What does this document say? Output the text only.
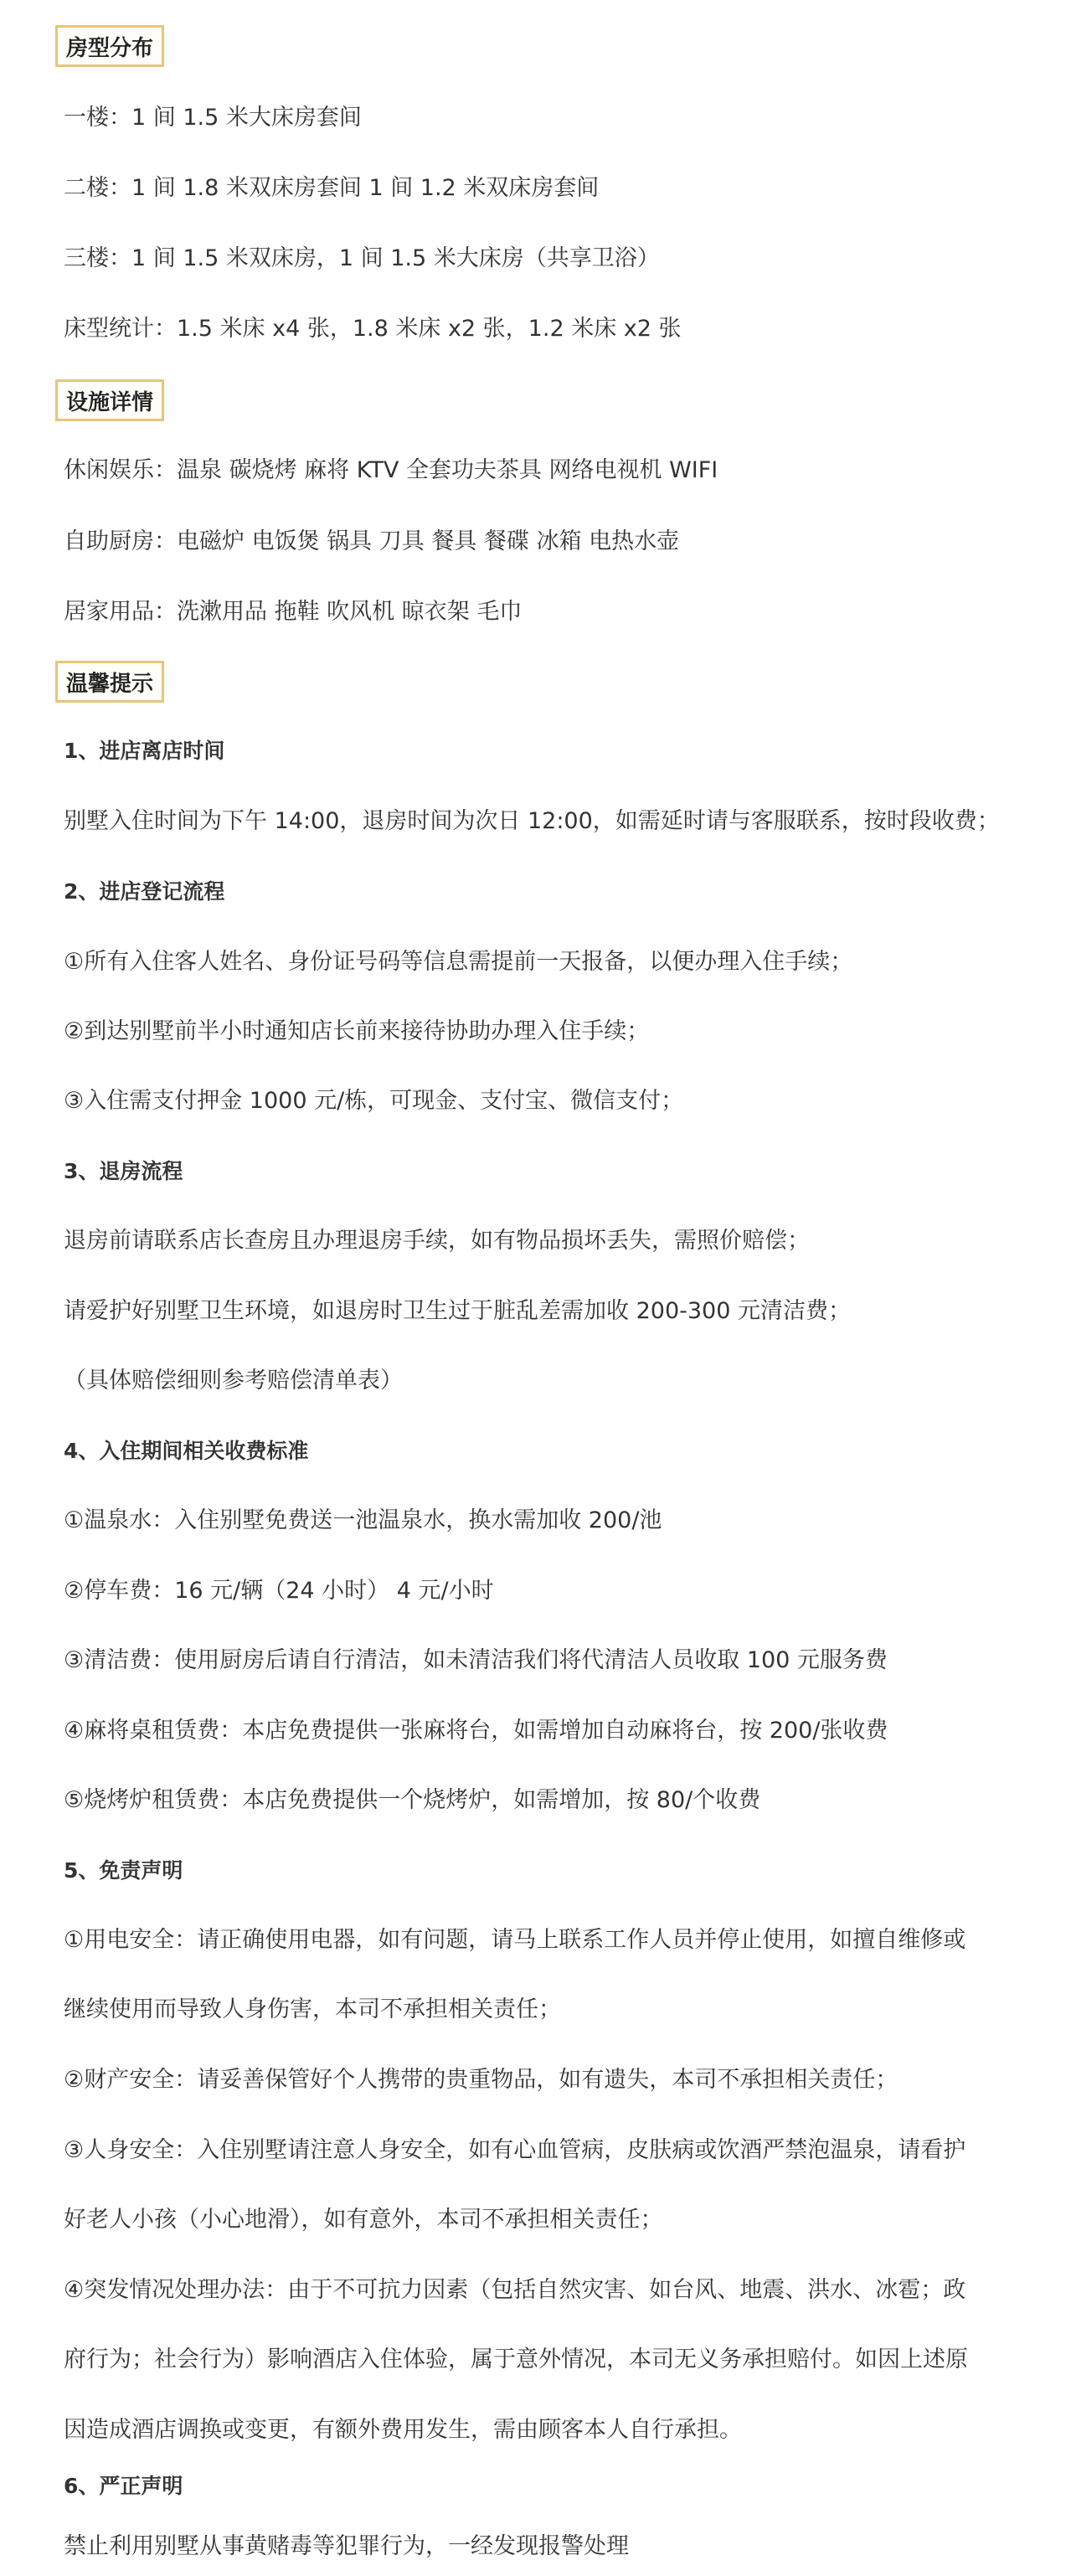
房型分布
一楼：1 间 1.5 米大床房套间
二楼：1 间 1.8 米双床房套间 1 间 1.2 米双床房套间
三楼：1 间 1.5 米双床房，1 间 1.5 米大床房（共享卫浴）
床型统计：1.5 米床 x4 张，1.8 米床 x2 张，1.2 米床 x2 张
设施详情
休闲娱乐：温泉 碳烧烤 麻将 KTV 全套功夫茶具 网络电视机 WIFI
自助厨房：电磁炉 电饭煲 锅具 刀具 餐具 餐碟 冰箱 电热水壶
居家用品：洗漱用品 拖鞋 吹风机 晾衣架 毛巾
温馨提示
1、进店离店时间
别墅入住时间为下午 14:00，退房时间为次日 12:00，如需延时请与客服联系，按时段收费；
2、进店登记流程
①所有入住客人姓名、身份证号码等信息需提前一天报备，以便办理入住手续；
②到达别墅前半小时通知店长前来接待协助办理入住手续；
③入住需支付押金 1000 元/栋，可现金、支付宝、微信支付；
3、退房流程
退房前请联系店长查房且办理退房手续，如有物品损坏丢失，需照价赔偿；
请爱护好别墅卫生环境，如退房时卫生过于脏乱差需加收 200-300 元清洁费；
（具体赔偿细则参考赔偿清单表）
4、入住期间相关收费标准
①温泉水：入住别墅免费送一池温泉水，换水需加收 200/池
②停车费：16 元/辆（24 小时） 4 元/小时
③清洁费：使用厨房后请自行清洁，如未清洁我们将代清洁人员收取 100 元服务费
④麻将桌租赁费：本店免费提供一张麻将台，如需增加自动麻将台，按 200/张收费
⑤烧烤炉租赁费：本店免费提供一个烧烤炉，如需增加，按 80/个收费
5、免责声明
①用电安全：请正确使用电器，如有问题，请马上联系工作人员并停止使用，如擅自维修或
继续使用而导致人身伤害，本司不承担相关责任；
②财产安全：请妥善保管好个人携带的贵重物品，如有遗失，本司不承担相关责任；
③人身安全：入住别墅请注意人身安全，如有心血管病，皮肤病或饮酒严禁泡温泉，请看护
好老人小孩（小心地滑），如有意外，本司不承担相关责任；
④突发情况处理办法：由于不可抗力因素（包括自然灾害、如台风、地震、洪水、冰雹；政
府行为；社会行为）影响酒店入住体验，属于意外情况，本司无义务承担赔付。如因上述原
因造成酒店调换或变更，有额外费用发生，需由顾客本人自行承担。
6、严正声明
禁止利用别墅从事黄赌毒等犯罪行为，一经发现报警处理
